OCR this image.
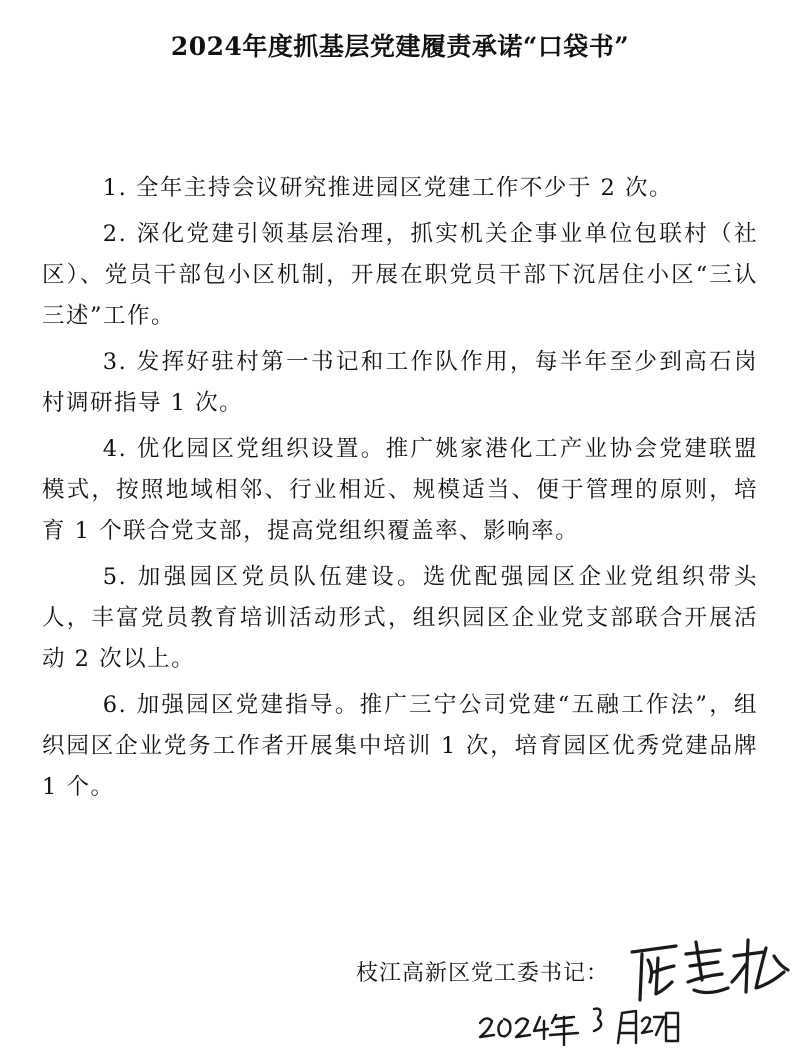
2024年度抓基层党建履责承诺“口袋书”

1. 全年主持会议研究推进园区党建工作不少于 2 次。

2. 深化党建引领基层治理，抓实机关企事业单位包联村（社区）、党员干部包小区机制，开展在职党员干部下沉居住小区“三认三述”工作。

3. 发挥好驻村第一书记和工作队作用，每半年至少到高石岗村调研指导 1 次。

4. 优化园区党组织设置。推广姚家港化工产业协会党建联盟模式，按照地域相邻、行业相近、规模适当、便于管理的原则，培育 1 个联合党支部，提高党组织覆盖率、影响率。

5. 加强园区党员队伍建设。选优配强园区企业党组织带头人，丰富党员教育培训活动形式，组织园区企业党支部联合开展活动 2 次以上。

6. 加强园区党建指导。推广三宁公司党建“五融工作法”，组织园区企业党务工作者开展集中培训 1 次，培育园区优秀党建品牌 1 个。

枝江高新区党工委书记：
